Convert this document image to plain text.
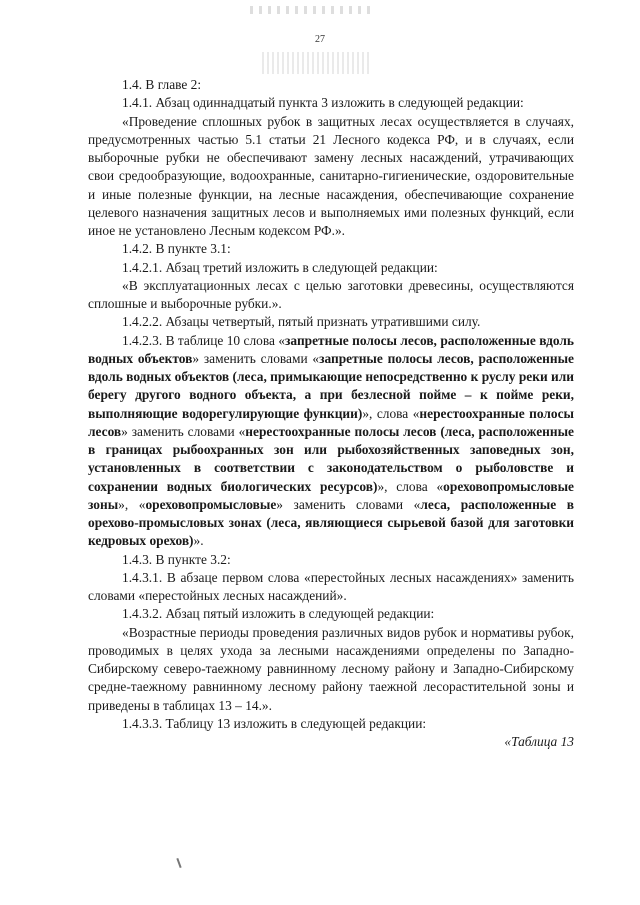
27

1.4. В главе 2:

1.4.1. Абзац одиннадцатый пункта 3 изложить в следующей редакции:

«Проведение сплошных рубок в защитных лесах осуществляется в случаях, предусмотренных частью 5.1 статьи 21 Лесного кодекса РФ, и в случаях, если выборочные рубки не обеспечивают замену лесных насаждений, утрачивающих свои средообразующие, водоохранные, санитарно-гигиенические, оздоровительные и иные полезные функции, на лесные насаждения, обеспечивающие сохранение целевого назначения защитных лесов и выполняемых ими полезных функций, если иное не установлено Лесным кодексом РФ.».

1.4.2. В пункте 3.1:

1.4.2.1. Абзац третий изложить в следующей редакции:

«В эксплуатационных лесах с целью заготовки древесины, осуществляются сплошные и выборочные рубки.».

1.4.2.2. Абзацы четвертый, пятый признать утратившими силу.

1.4.2.3. В таблице 10 слова «запретные полосы лесов, расположенные вдоль водных объектов» заменить словами «запретные полосы лесов, расположенные вдоль водных объектов (леса, примыкающие непосредственно к руслу реки или берегу другого водного объекта, а при безлесной пойме – к пойме реки, выполняющие водорегулирующие функции)», слова «нерестоохранные полосы лесов» заменить словами «нерестоохранные полосы лесов (леса, расположенные в границах рыбоохранных зон или рыбохозяйственных заповедных зон, установленных в соответствии с законодательством о рыболовстве и сохранении водных биологических ресурсов)», слова «ореховопромысловые зоны», «ореховопромысловые» заменить словами «леса, расположенные в орехово-промысловых зонах (леса, являющиеся сырьевой базой для заготовки кедровых орехов)».

1.4.3. В пункте 3.2:

1.4.3.1. В абзаце первом слова «перестойных лесных насаждениях» заменить словами «перестойных лесных насаждений».

1.4.3.2. Абзац пятый изложить в следующей редакции:

«Возрастные периоды проведения различных видов рубок и нормативы рубок, проводимых в целях ухода за лесными насаждениями определены по Западно-Сибирскому северо-таежному равнинному лесному району и Западно-Сибирскому средне-таежному равнинному лесному району таежной лесорастительной зоны и приведены в таблицах 13 – 14.».

1.4.3.3. Таблицу 13 изложить в следующей редакции:

«Таблица 13
